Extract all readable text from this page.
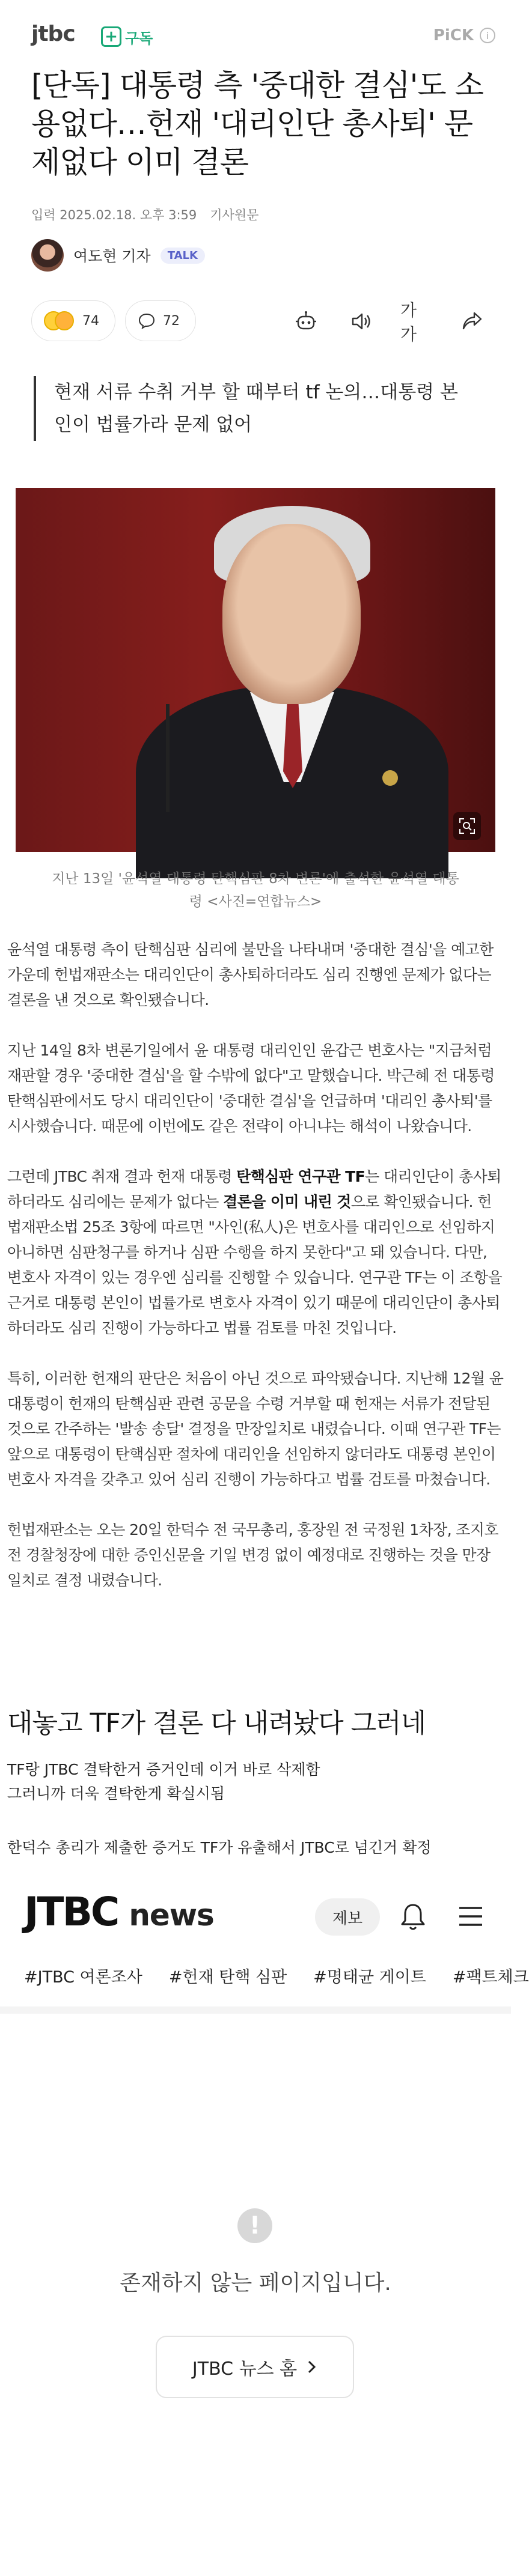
jtbc + 구독	PiCK	i
[단독] 대통령 측 '중대한 결심'도 소용없다…헌재 '대리인단 총사퇴' 문제없다 이미 결론
입력 2025.02.18. 오후 3:59 기사원문
여도현 기자	TALK
74	72
가가
현재 서류 수취 거부 할 때부터 tf 논의…대통령 본인이 법률가라 문제 없어
지난 13일 '윤석열 대통령 탄핵심판 8차 변론'에 출석한 윤석열 대통령 <사진=연합뉴스>

윤석열 대통령 측이 탄핵심판 심리에 불만을 나타내며 '중대한 결심'을 예고한 가운데 헌법재판소는 대리인단이 총사퇴하더라도 심리 진행엔 문제가 없다는 결론을 낸 것으로 확인됐습니다.

지난 14일 8차 변론기일에서 윤 대통령 대리인인 윤갑근 변호사는 "지금처럼 재판할 경우 '중대한 결심'을 할 수밖에 없다"고 말했습니다. 박근혜 전 대통령 탄핵심판에서도 당시 대리인단이 '중대한 결심'을 언급하며 '대리인 총사퇴'를 시사했습니다. 때문에 이번에도 같은 전략이 아니냐는 해석이 나왔습니다.

그런데 JTBC 취재 결과 헌재 대통령 탄핵심판 연구관 TF는 대리인단이 총사퇴하더라도 심리에는 문제가 없다는 결론을 이미 내린 것으로 확인됐습니다. 헌법재판소법 25조 3항에 따르면 "사인(私人)은 변호사를 대리인으로 선임하지 아니하면 심판청구를 하거나 심판 수행을 하지 못한다"고 돼 있습니다. 다만, 변호사 자격이 있는 경우엔 심리를 진행할 수 있습니다. 연구관 TF는 이 조항을 근거로 대통령 본인이 법률가로 변호사 자격이 있기 때문에 대리인단이 총사퇴하더라도 심리 진행이 가능하다고 법률 검토를 마친 것입니다.

특히, 이러한 헌재의 판단은 처음이 아닌 것으로 파악됐습니다. 지난해 12월 윤 대통령이 헌재의 탄핵심판 관련 공문을 수령 거부할 때 헌재는 서류가 전달된 것으로 간주하는 '발송 송달' 결정을 만장일치로 내렸습니다. 이때 연구관 TF는 앞으로 대통령이 탄핵심판 절차에 대리인을 선임하지 않더라도 대통령 본인이 변호사 자격을 갖추고 있어 심리 진행이 가능하다고 법률 검토를 마쳤습니다.

헌법재판소는 오는 20일 한덕수 전 국무총리, 홍장원 전 국정원 1차장, 조지호 전 경찰청장에 대한 증인신문을 기일 변경 없이 예정대로 진행하는 것을 만장일치로 결정 내렸습니다.

대놓고 TF가 결론 다 내려놨다 그러네
TF랑 JTBC 결탁한거 증거인데 이거 바로 삭제함
그러니까 더욱 결탁한게 확실시됨
한덕수 총리가 제출한 증거도 TF가 유출해서 JTBC로 넘긴거 확정
JTBC news	제보
#JTBC 여론조사 #헌재 탄핵 심판 #명태균 게이트 #팩트체크
!
존재하지 않는 페이지입니다.
JTBC 뉴스 홈
